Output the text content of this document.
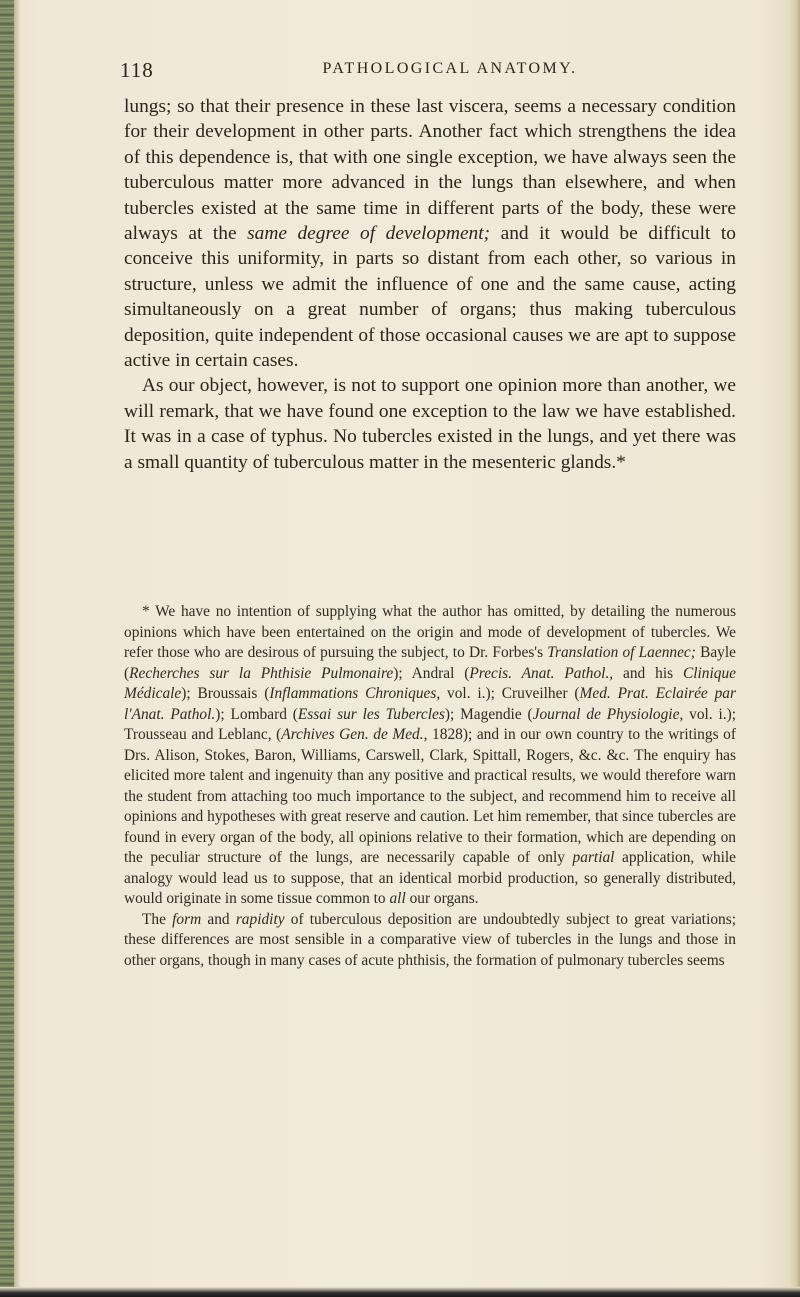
118	PATHOLOGICAL ANATOMY.

lungs; so that their presence in these last viscera, seems a necessary condition for their development in other parts. Another fact which strengthens the idea of this dependence is, that with one single exception, we have always seen the tuberculous matter more advanced in the lungs than elsewhere, and when tubercles existed at the same time in different parts of the body, these were always at the same degree of development; and it would be difficult to conceive this uniformity, in parts so distant from each other, so various in structure, unless we admit the influence of one and the same cause, acting simultaneously on a great number of organs; thus making tuberculous deposition, quite independent of those occasional causes we are apt to suppose active in certain cases.

As our object, however, is not to support one opinion more than another, we will remark, that we have found one exception to the law we have established. It was in a case of typhus. No tubercles existed in the lungs, and yet there was a small quantity of tuberculous matter in the mesenteric glands.*

* We have no intention of supplying what the author has omitted, by detailing the numerous opinions which have been entertained on the origin and mode of development of tubercles. We refer those who are desirous of pursuing the subject, to Dr. Forbes's Translation of Laennec; Bayle (Recherches sur la Phthisie Pulmonaire); Andral (Precis. Anat. Pathol., and his Clinique Médicale); Broussais (Inflammations Chroniques, vol. i.); Cruveilher (Med. Prat. Eclairée par l'Anat. Pathol.); Lombard (Essai sur les Tubercles); Magendie (Journal de Physiologie, vol. i.); Trousseau and Leblanc, (Archives Gen. de Med., 1828); and in our own country to the writings of Drs. Alison, Stokes, Baron, Williams, Carswell, Clark, Spittall, Rogers, &c. &c. The enquiry has elicited more talent and ingenuity than any positive and practical results, we would therefore warn the student from attaching too much importance to the subject, and recommend him to receive all opinions and hypotheses with great reserve and caution. Let him remember, that since tubercles are found in every organ of the body, all opinions relative to their formation, which are depending on the peculiar structure of the lungs, are necessarily capable of only partial application, while analogy would lead us to suppose, that an identical morbid production, so generally distributed, would originate in some tissue common to all our organs.

The form and rapidity of tuberculous deposition are undoubtedly subject to great variations; these differences are most sensible in a comparative view of tubercles in the lungs and those in other organs, though in many cases of acute phthisis, the formation of pulmonary tubercles seems
